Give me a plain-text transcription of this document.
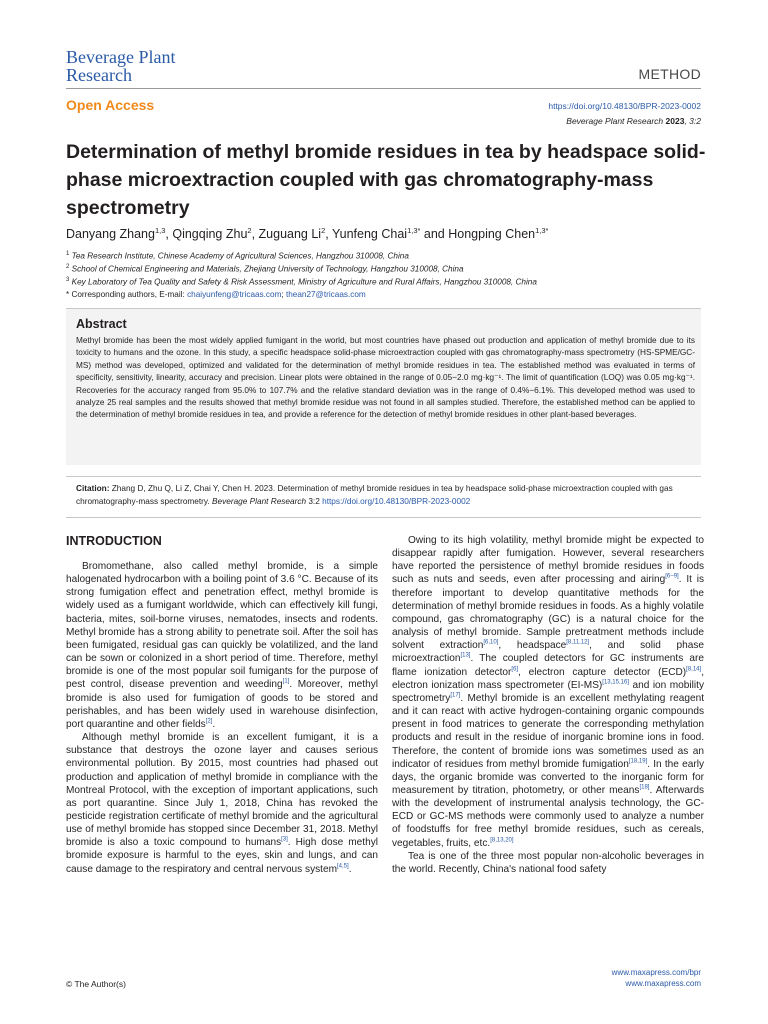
Beverage Plant
Research	METHOD
Open Access	https://doi.org/10.48130/BPR-2023-0002
Beverage Plant Research 2023, 3:2
Determination of methyl bromide residues in tea by headspace solid-phase microextraction coupled with gas chromatography-mass spectrometry
Danyang Zhang$^{1,3}$, Qingqing Zhu$^2$, Zuguang Li$^2$, Yunfeng Chai$^{1,3*}$ and Hongping Chen$^{1,3*}$
$^1$ Tea Research Institute, Chinese Academy of Agricultural Sciences, Hangzhou 310008, China
$^2$ School of Chemical Engineering and Materials, Zhejiang University of Technology, Hangzhou 310008, China
$^3$ Key Laboratory of Tea Quality and Safety & Risk Assessment, Ministry of Agriculture and Rural Affairs, Hangzhou 310008, China
* Corresponding authors, E-mail: chaiyunfeng@tricaas.com; thean27@tricaas.com
Abstract
Methyl bromide has been the most widely applied fumigant in the world, but most countries have phased out production and application of methyl bromide due to its toxicity to humans and the ozone. In this study, a specific headspace solid-phase microextraction coupled with gas chromatography-mass spectrometry (HS-SPME/GC-MS) method was developed, optimized and validated for the determination of methyl bromide residues in tea. The established method was evaluated in terms of specificity, sensitivity, linearity, accuracy and precision. Linear plots were obtained in the range of 0.05−2.0 mg·kg⁻¹. The limit of quantification (LOQ) was 0.05 mg·kg⁻¹. Recoveries for the accuracy ranged from 95.0% to 107.7% and the relative standard deviation was in the range of 0.4%−6.1%. This developed method was used to analyze 25 real samples and the results showed that methyl bromide residue was not found in all samples studied. Therefore, the established method can be applied to the determination of methyl bromide residues in tea, and provide a reference for the detection of methyl bromide residues in other plant-based beverages.
Citation: Zhang D, Zhu Q, Li Z, Chai Y, Chen H. 2023. Determination of methyl bromide residues in tea by headspace solid-phase microextraction coupled with gas chromatography-mass spectrometry. Beverage Plant Research 3:2 https://doi.org/10.48130/BPR-2023-0002
INTRODUCTION

Bromomethane, also called methyl bromide, is a simple halogenated hydrocarbon with a boiling point of 3.6 °C. Because of its strong fumigation effect and penetration effect, methyl bromide is widely used as a fumigant worldwide, which can effectively kill fungi, bacteria, mites, soil-borne viruses, nematodes, insects and rodents. Methyl bromide has a strong ability to penetrate soil. After the soil has been fumigated, residual gas can quickly be volatilized, and the land can be sown or colonized in a short period of time. Therefore, methyl bromide is one of the most popular soil fumigants for the purpose of pest control, disease prevention and weeding[1]. Moreover, methyl bromide is also used for fumigation of goods to be stored and perishables, and has been widely used in warehouse disinfection, port quarantine and other fields[2].

Although methyl bromide is an excellent fumigant, it is a substance that destroys the ozone layer and causes serious environmental pollution. By 2015, most countries had phased out production and application of methyl bromide in compliance with the Montreal Protocol, with the exception of important applications, such as port quarantine. Since July 1, 2018, China has revoked the pesticide registration certificate of methyl bromide and the agricultural use of methyl bromide has stopped since December 31, 2018. Methyl bromide is also a toxic compound to humans[3]. High dose methyl bromide exposure is harmful to the eyes, skin and lungs, and can cause damage to the respiratory and central nervous system[4,5].

Owing to its high volatility, methyl bromide might be expected to disappear rapidly after fumigation. However, several researchers have reported the persistence of methyl bromide residues in foods such as nuts and seeds, even after processing and airing[6−9]. It is therefore important to develop quantitative methods for the determination of methyl bromide residues in foods. As a highly volatile compound, gas chromatography (GC) is a natural choice for the analysis of methyl bromide. Sample pretreatment methods include solvent extraction[6,10], headspace[8,11,12], and solid phase microextraction[13]. The coupled detectors for GC instruments are flame ionization detector[6], electron capture detector (ECD)[8,14], electron ionization mass spectrometer (EI-MS)[13,15,16] and ion mobility spectrometry[17]. Methyl bromide is an excellent methylating reagent and it can react with active hydrogen-containing organic compounds present in food matrices to generate the corresponding methylation products and result in the residue of inorganic bromine ions in food. Therefore, the content of bromide ions was sometimes used as an indicator of residues from methyl bromide fumigation[18,19]. In the early days, the organic bromide was converted to the inorganic form for measurement by titration, photometry, or other means[18]. Afterwards with the development of instrumental analysis technology, the GC-ECD or GC-MS methods were commonly used to analyze a number of foodstuffs for free methyl bromide residues, such as cereals, vegetables, fruits, etc.[8,13,20]

Tea is one of the three most popular non-alcoholic beverages in the world. Recently, China's national food safety

© The Author(s)
www.maxapress.com/bpr
www.maxapress.com
